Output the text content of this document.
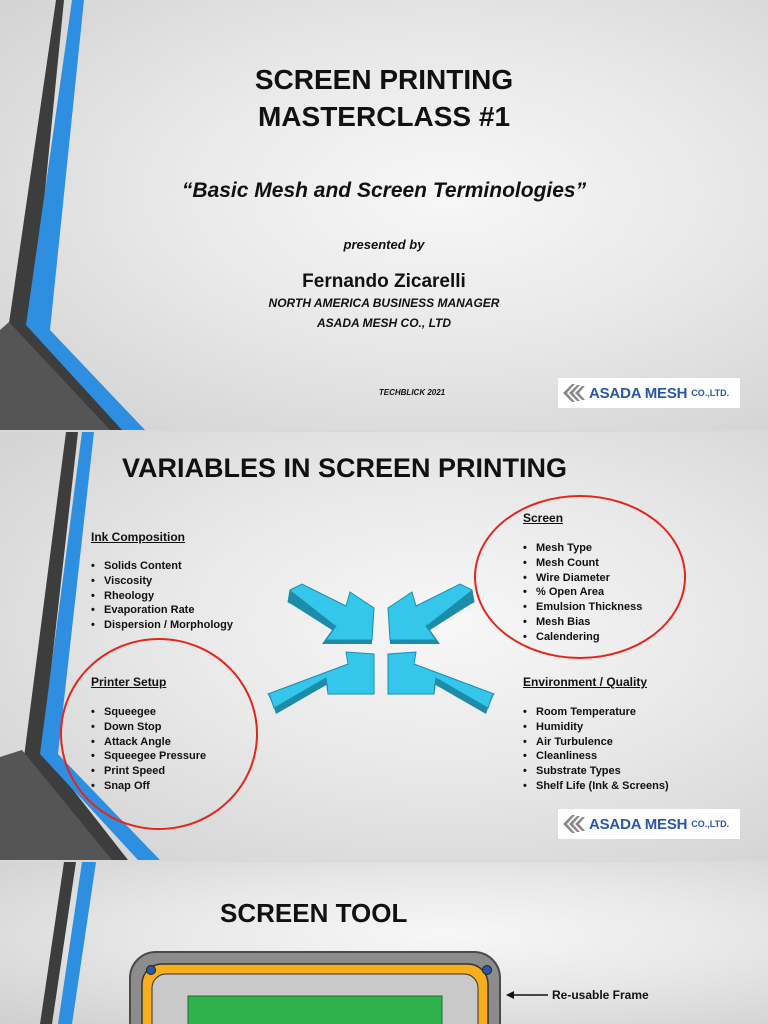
SCREEN PRINTING
MASTERCLASS #1
“Basic Mesh and Screen Terminologies”
presented by
Fernando Zicarelli
NORTH AMERICA BUSINESS MANAGER
ASADA MESH CO., LTD
TECHBLICK 2021	ASADA MESH CO.,LTD.
VARIABLES IN SCREEN PRINTING
Ink Composition
• Solids Content
• Viscosity
• Rheology
• Evaporation Rate
• Dispersion / Morphology
Screen
• Mesh Type
• Mesh Count
• Wire Diameter
• % Open Area
• Emulsion Thickness
• Mesh Bias
• Calendering
Printer Setup
• Squeegee
• Down Stop
• Attack Angle
• Squeegee Pressure
• Print Speed
• Snap Off
Environment / Quality
• Room Temperature
• Humidity
• Air Turbulence
• Cleanliness
• Substrate Types
• Shelf Life (Ink & Screens)
ASADA MESH CO.,LTD.
SCREEN TOOL
Re-usable Frame
